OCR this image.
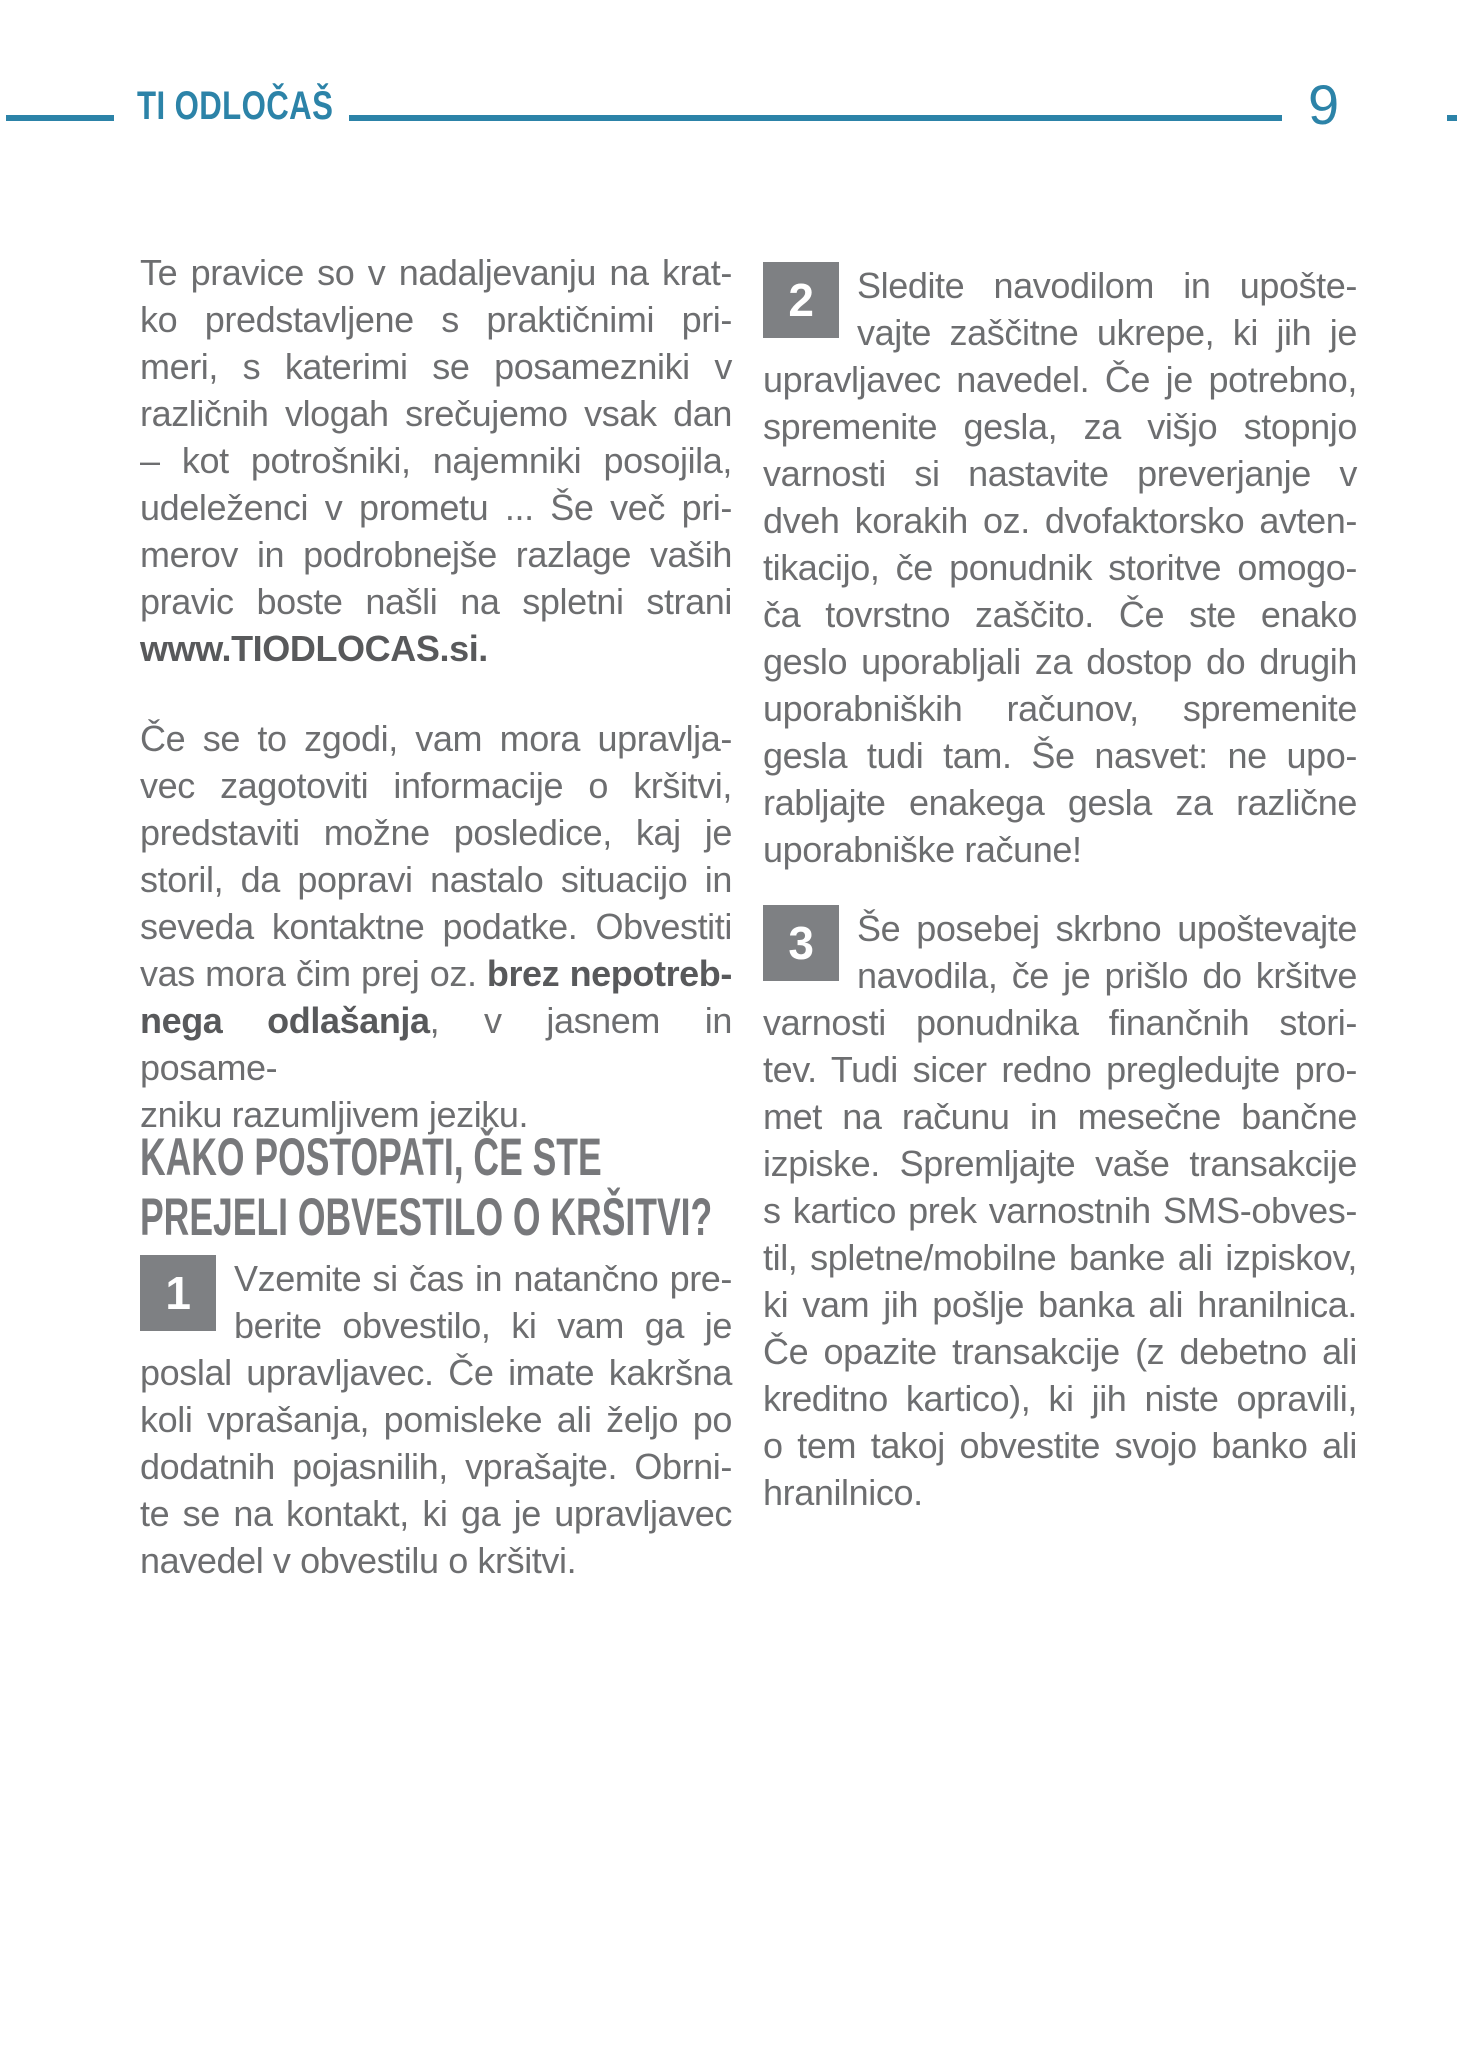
TI ODLOČAŠ	9
Te pravice so v nadaljevanju na krat-
ko predstavljene s praktičnimi pri-
meri, s katerimi se posamezniki v
različnih vlogah srečujemo vsak dan
– kot potrošniki, najemniki posojila,
udeleženci v prometu ... Še več pri-
merov in podrobnejše razlage vaših
pravic boste našli na spletni strani
www.TIODLOCAS.si.
Če se to zgodi, vam mora upravlja-
vec zagotoviti informacije o kršitvi,
predstaviti možne posledice, kaj je
storil, da popravi nastalo situacijo in
seveda kontaktne podatke. Obvestiti
vas mora čim prej oz. brez nepotreb-
nega odlašanja, v jasnem in posame-
zniku razumljivem jeziku.
KAKO POSTOPATI, ČE STE
PREJELI OBVESTILO O KRŠITVI?
1 Vzemite si čas in natančno pre-
berite obvestilo, ki vam ga je
poslal upravljavec. Če imate kakršna
koli vprašanja, pomisleke ali željo po
dodatnih pojasnilih, vprašajte. Obrni-
te se na kontakt, ki ga je upravljavec
navedel v obvestilu o kršitvi.
2 Sledite navodilom in upošte-
vajte zaščitne ukrepe, ki jih je
upravljavec navedel. Če je potrebno,
spremenite gesla, za višjo stopnjo
varnosti si nastavite preverjanje v
dveh korakih oz. dvofaktorsko avten-
tikacijo, če ponudnik storitve omogo-
ča tovrstno zaščito. Če ste enako
geslo uporabljali za dostop do drugih
uporabniških računov, spremenite
gesla tudi tam. Še nasvet: ne upo-
rabljajte enakega gesla za različne
uporabniške račune!
3 Še posebej skrbno upoštevajte
navodila, če je prišlo do kršitve
varnosti ponudnika finančnih stori-
tev. Tudi sicer redno pregledujte pro-
met na računu in mesečne bančne
izpiske. Spremljajte vaše transakcije
s kartico prek varnostnih SMS-obves-
til, spletne/mobilne banke ali izpiskov,
ki vam jih pošlje banka ali hranilnica.
Če opazite transakcije (z debetno ali
kreditno kartico), ki jih niste opravili,
o tem takoj obvestite svojo banko ali
hranilnico.
